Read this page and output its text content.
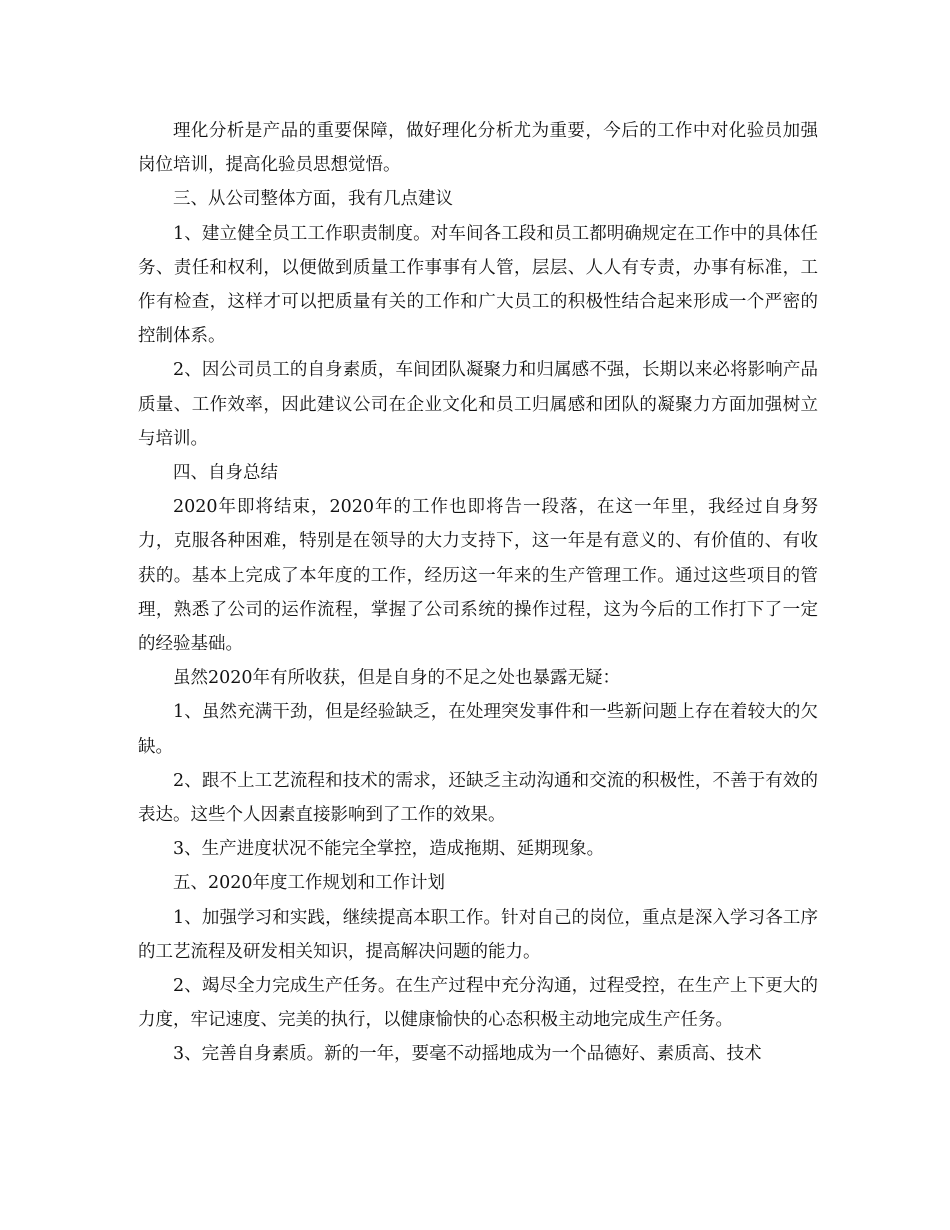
理化分析是产品的重要保障，做好理化分析尤为重要，今后的工作中对化验员加强岗位培训，提高化验员思想觉悟。

三、从公司整体方面，我有几点建议

1、建立健全员工工作职责制度。对车间各工段和员工都明确规定在工作中的具体任务、责任和权利，以便做到质量工作事事有人管，层层、人人有专责，办事有标准，工作有检查，这样才可以把质量有关的工作和广大员工的积极性结合起来形成一个严密的控制体系。

2、因公司员工的自身素质，车间团队凝聚力和归属感不强，长期以来必将影响产品质量、工作效率，因此建议公司在企业文化和员工归属感和团队的凝聚力方面加强树立与培训。

四、自身总结

2020年即将结束，2020年的工作也即将告一段落，在这一年里，我经过自身努力，克服各种困难，特别是在领导的大力支持下，这一年是有意义的、有价值的、有收获的。基本上完成了本年度的工作，经历这一年来的生产管理工作。通过这些项目的管理，熟悉了公司的运作流程，掌握了公司系统的操作过程，这为今后的工作打下了一定的经验基础。

虽然2020年有所收获，但是自身的不足之处也暴露无疑：

1、虽然充满干劲，但是经验缺乏，在处理突发事件和一些新问题上存在着较大的欠缺。

2、跟不上工艺流程和技术的需求，还缺乏主动沟通和交流的积极性，不善于有效的表达。这些个人因素直接影响到了工作的效果。

3、生产进度状况不能完全掌控，造成拖期、延期现象。

五、2020年度工作规划和工作计划

1、加强学习和实践，继续提高本职工作。针对自己的岗位，重点是深入学习各工序的工艺流程及研发相关知识，提高解决问题的能力。

2、竭尽全力完成生产任务。在生产过程中充分沟通，过程受控，在生产上下更大的力度，牢记速度、完美的执行，以健康愉快的心态积极主动地完成生产任务。

3、完善自身素质。新的一年，要毫不动摇地成为一个品德好、素质高、技术
